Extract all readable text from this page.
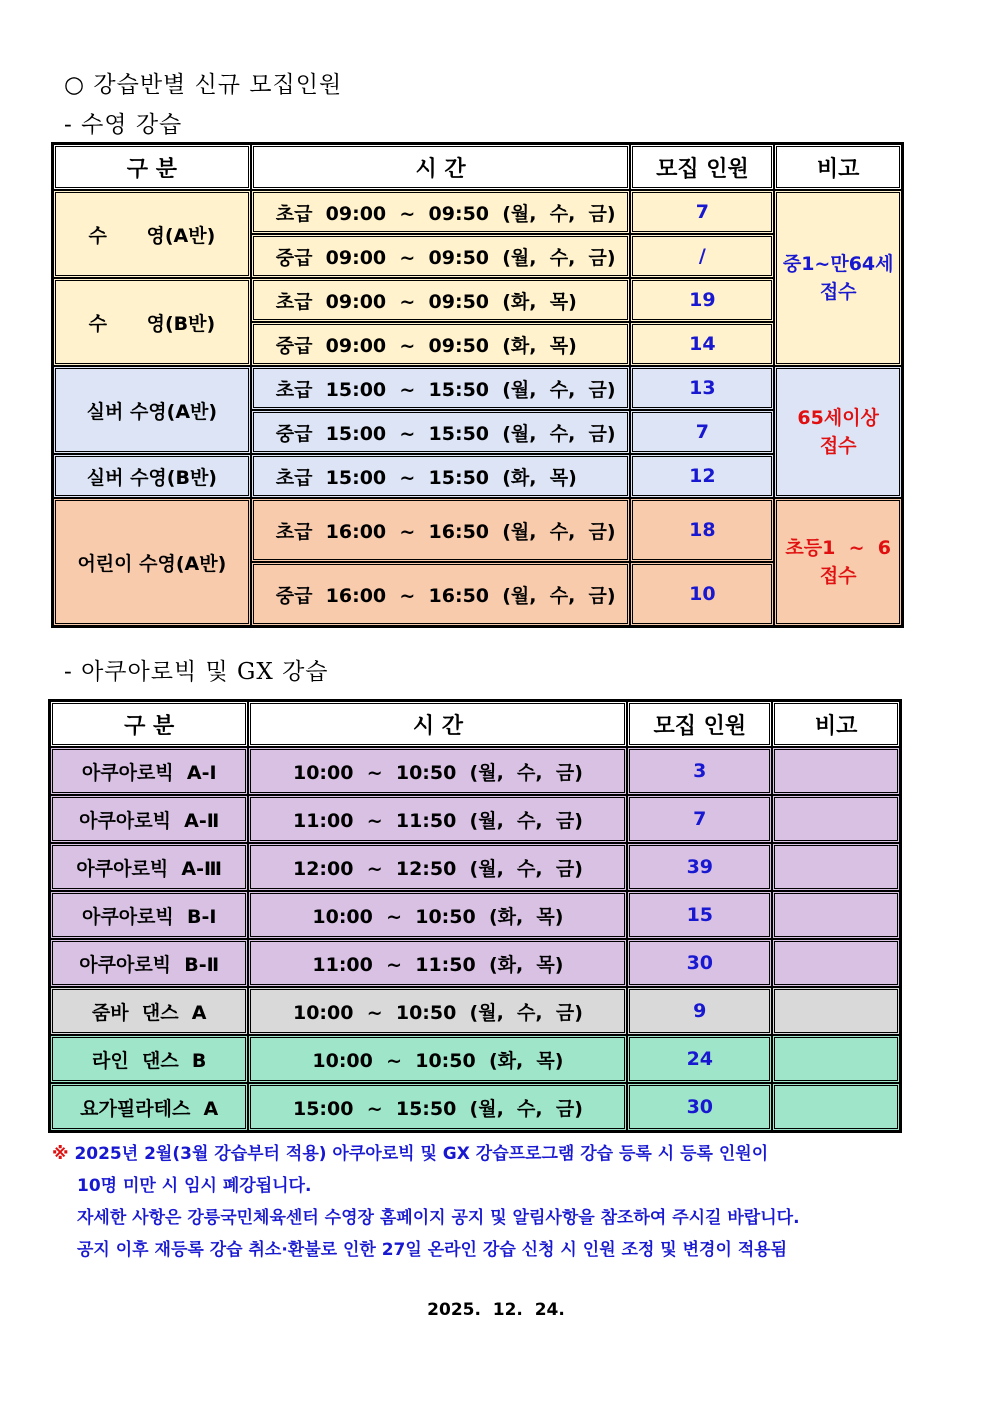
○ 강습반별 신규 모집인원
- 수영 강습
구 분	시 간	모집 인원	비고
수      영(A반)	초급  09:00  ~  09:50  (월,  수,  금)	7	중1~만64세
접수

	중급  09:00  ~  09:50  (월,  수,  금)	/	
수      영(B반)	초급  09:00  ~  09:50  (화,  목)	19	
	중급  09:00  ~  09:50  (화,  목)	14	
실버 수영(A반)	초급  15:00  ~  15:50  (월,  수,  금)	13	65세이상
접수

	중급  15:00  ~  15:50  (월,  수,  금)	7	
실버 수영(B반)	초급  15:00  ~  15:50  (화,  목)	12	
어린이 수영(A반)	초급  16:00  ~  16:50  (월,  수,  금)	18	초등1  ~  6
접수

	중급  16:00  ~  16:50  (월,  수,  금)	10	
- 아쿠아로빅 및 GX 강습
구 분	시 간	모집 인원	비고
아쿠아로빅  A-Ⅰ	10:00  ~  10:50  (월,  수,  금)	3	
아쿠아로빅  A-Ⅱ	11:00  ~  11:50  (월,  수,  금)	7	
아쿠아로빅  A-Ⅲ	12:00  ~  12:50  (월,  수,  금)	39	
아쿠아로빅  B-Ⅰ	10:00  ~  10:50  (화,  목)	15	
아쿠아로빅  B-Ⅱ	11:00  ~  11:50  (화,  목)	30	
줌바  댄스  A	10:00  ~  10:50  (월,  수,  금)	9	
라인  댄스  B	10:00  ~  10:50  (화,  목)	24	
요가필라테스  A	15:00  ~  15:50  (월,  수,  금)	30	
※ 2025년 2월(3월 강습부터 적용) 아쿠아로빅 및 GX 강습프로그램 강습 등록 시 등록 인원이
10명 미만 시 임시 폐강됩니다.
자세한 사항은 강릉국민체육센터 수영장 홈페이지 공지 및 알림사항을 참조하여 주시길 바랍니다.
공지 이후 재등록 강습 취소·환불로 인한 27일 온라인 강습 신청 시 인원 조정 및 변경이 적용됨
2025.  12.  24.
